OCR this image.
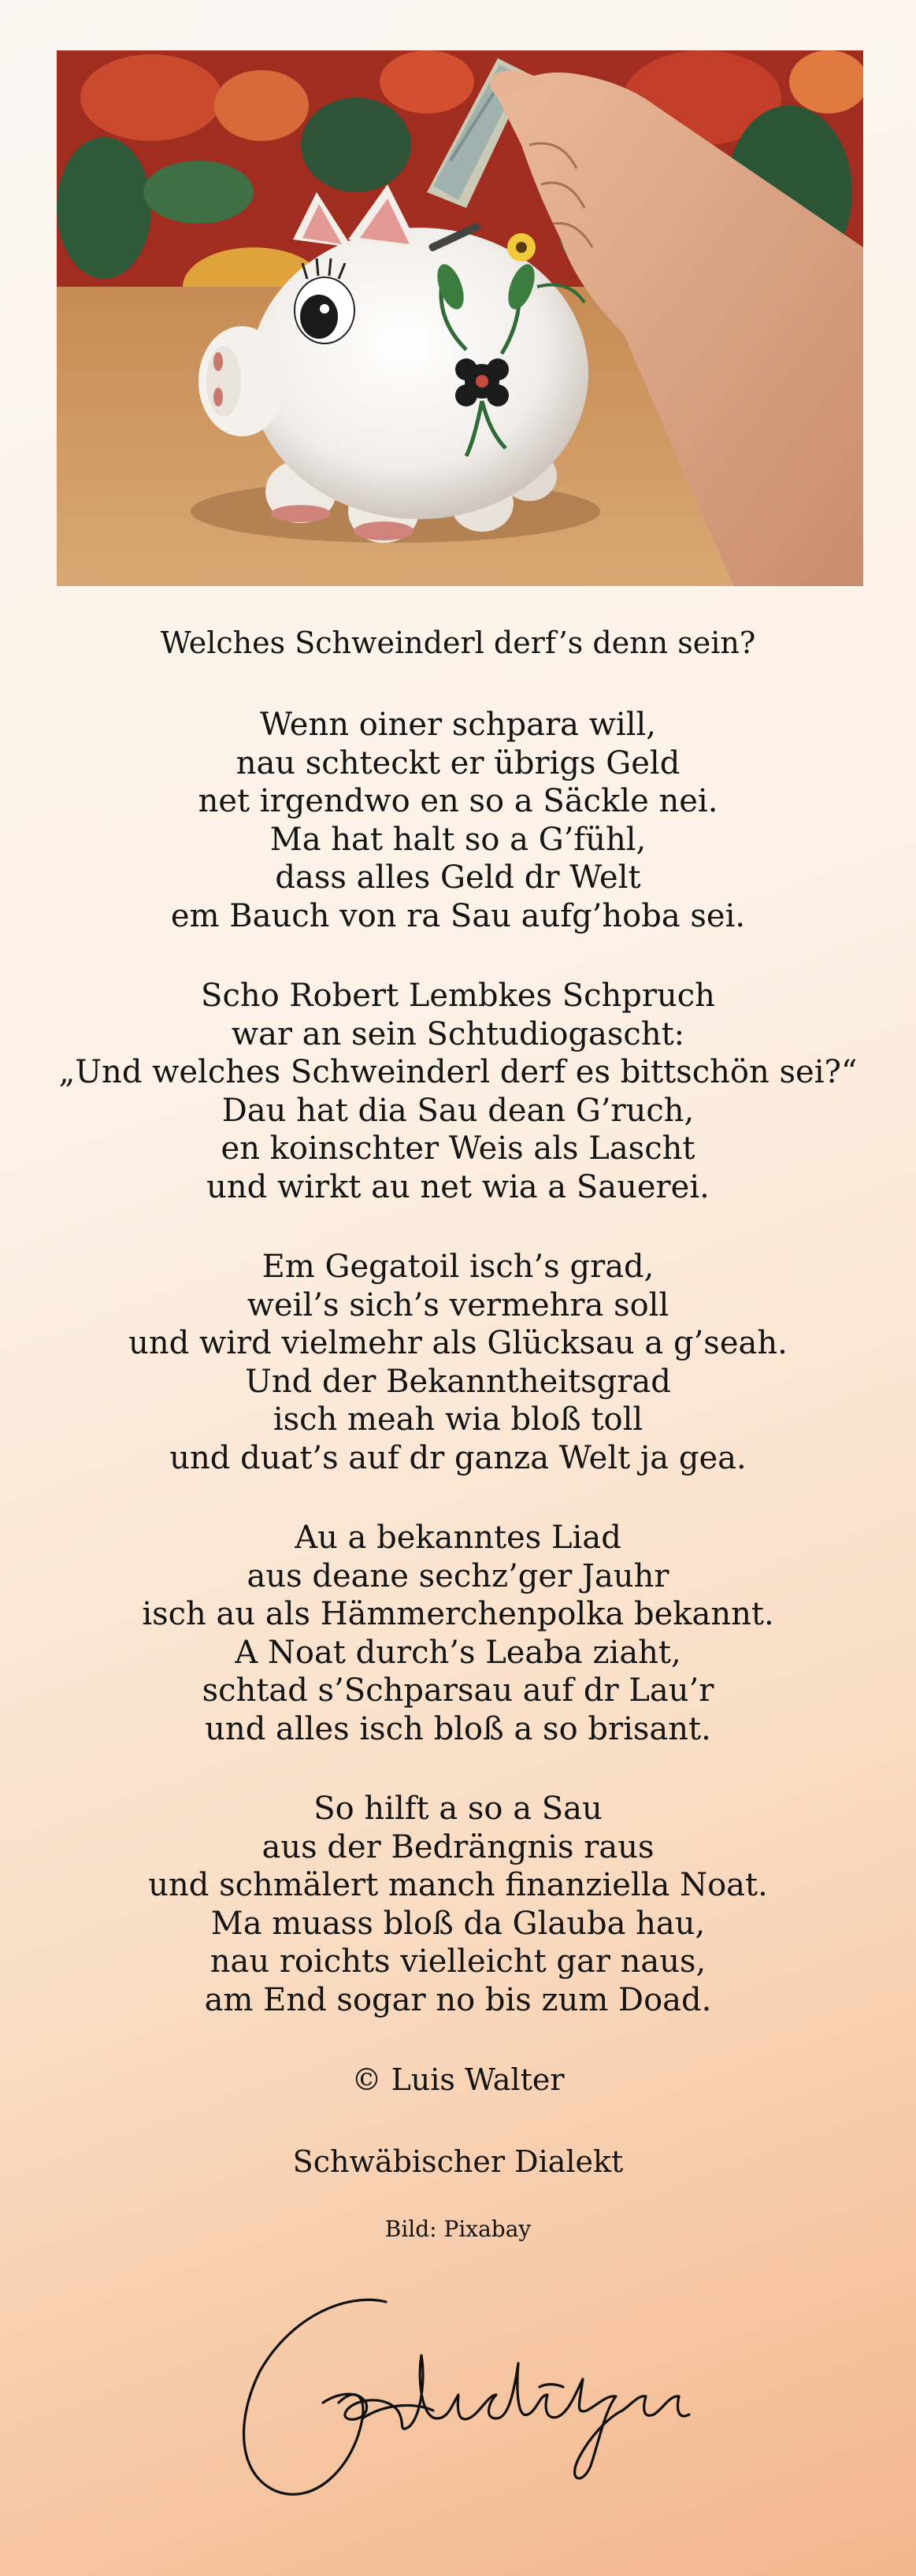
Welches Schweinderl derf’s denn sein?
Wenn oiner schpara will,
nau schteckt er übrigs Geld
net irgendwo en so a Säckle nei.
Ma hat halt so a G’fühl,
dass alles Geld dr Welt
em Bauch von ra Sau aufg’hoba sei.
Scho Robert Lembkes Schpruch
war an sein Schtudiogascht:
„Und welches Schweinderl derf es bittschön sei?“
Dau hat dia Sau dean G’ruch,
en koinschter Weis als Lascht
und wirkt au net wia a Sauerei.
Em Gegatoil isch’s grad,
weil’s sich’s vermehra soll
und wird vielmehr als Glücksau a g’seah.
Und der Bekanntheitsgrad
isch meah wia bloß toll
und duat’s auf dr ganza Welt ja gea.
Au a bekanntes Liad
aus deane sechz’ger Jauhr
isch au als Hämmerchenpolka bekannt.
A Noat durch’s Leaba ziaht,
schtad s’Schparsau auf dr Lau’r
und alles isch bloß a so brisant.
So hilft a so a Sau
aus der Bedrängnis raus
und schmälert manch finanziella Noat.
Ma muass bloß da Glauba hau,
nau roichts vielleicht gar naus,
am End sogar no bis zum Doad.
© Luis Walter
Schwäbischer Dialekt
Bild: Pixabay
